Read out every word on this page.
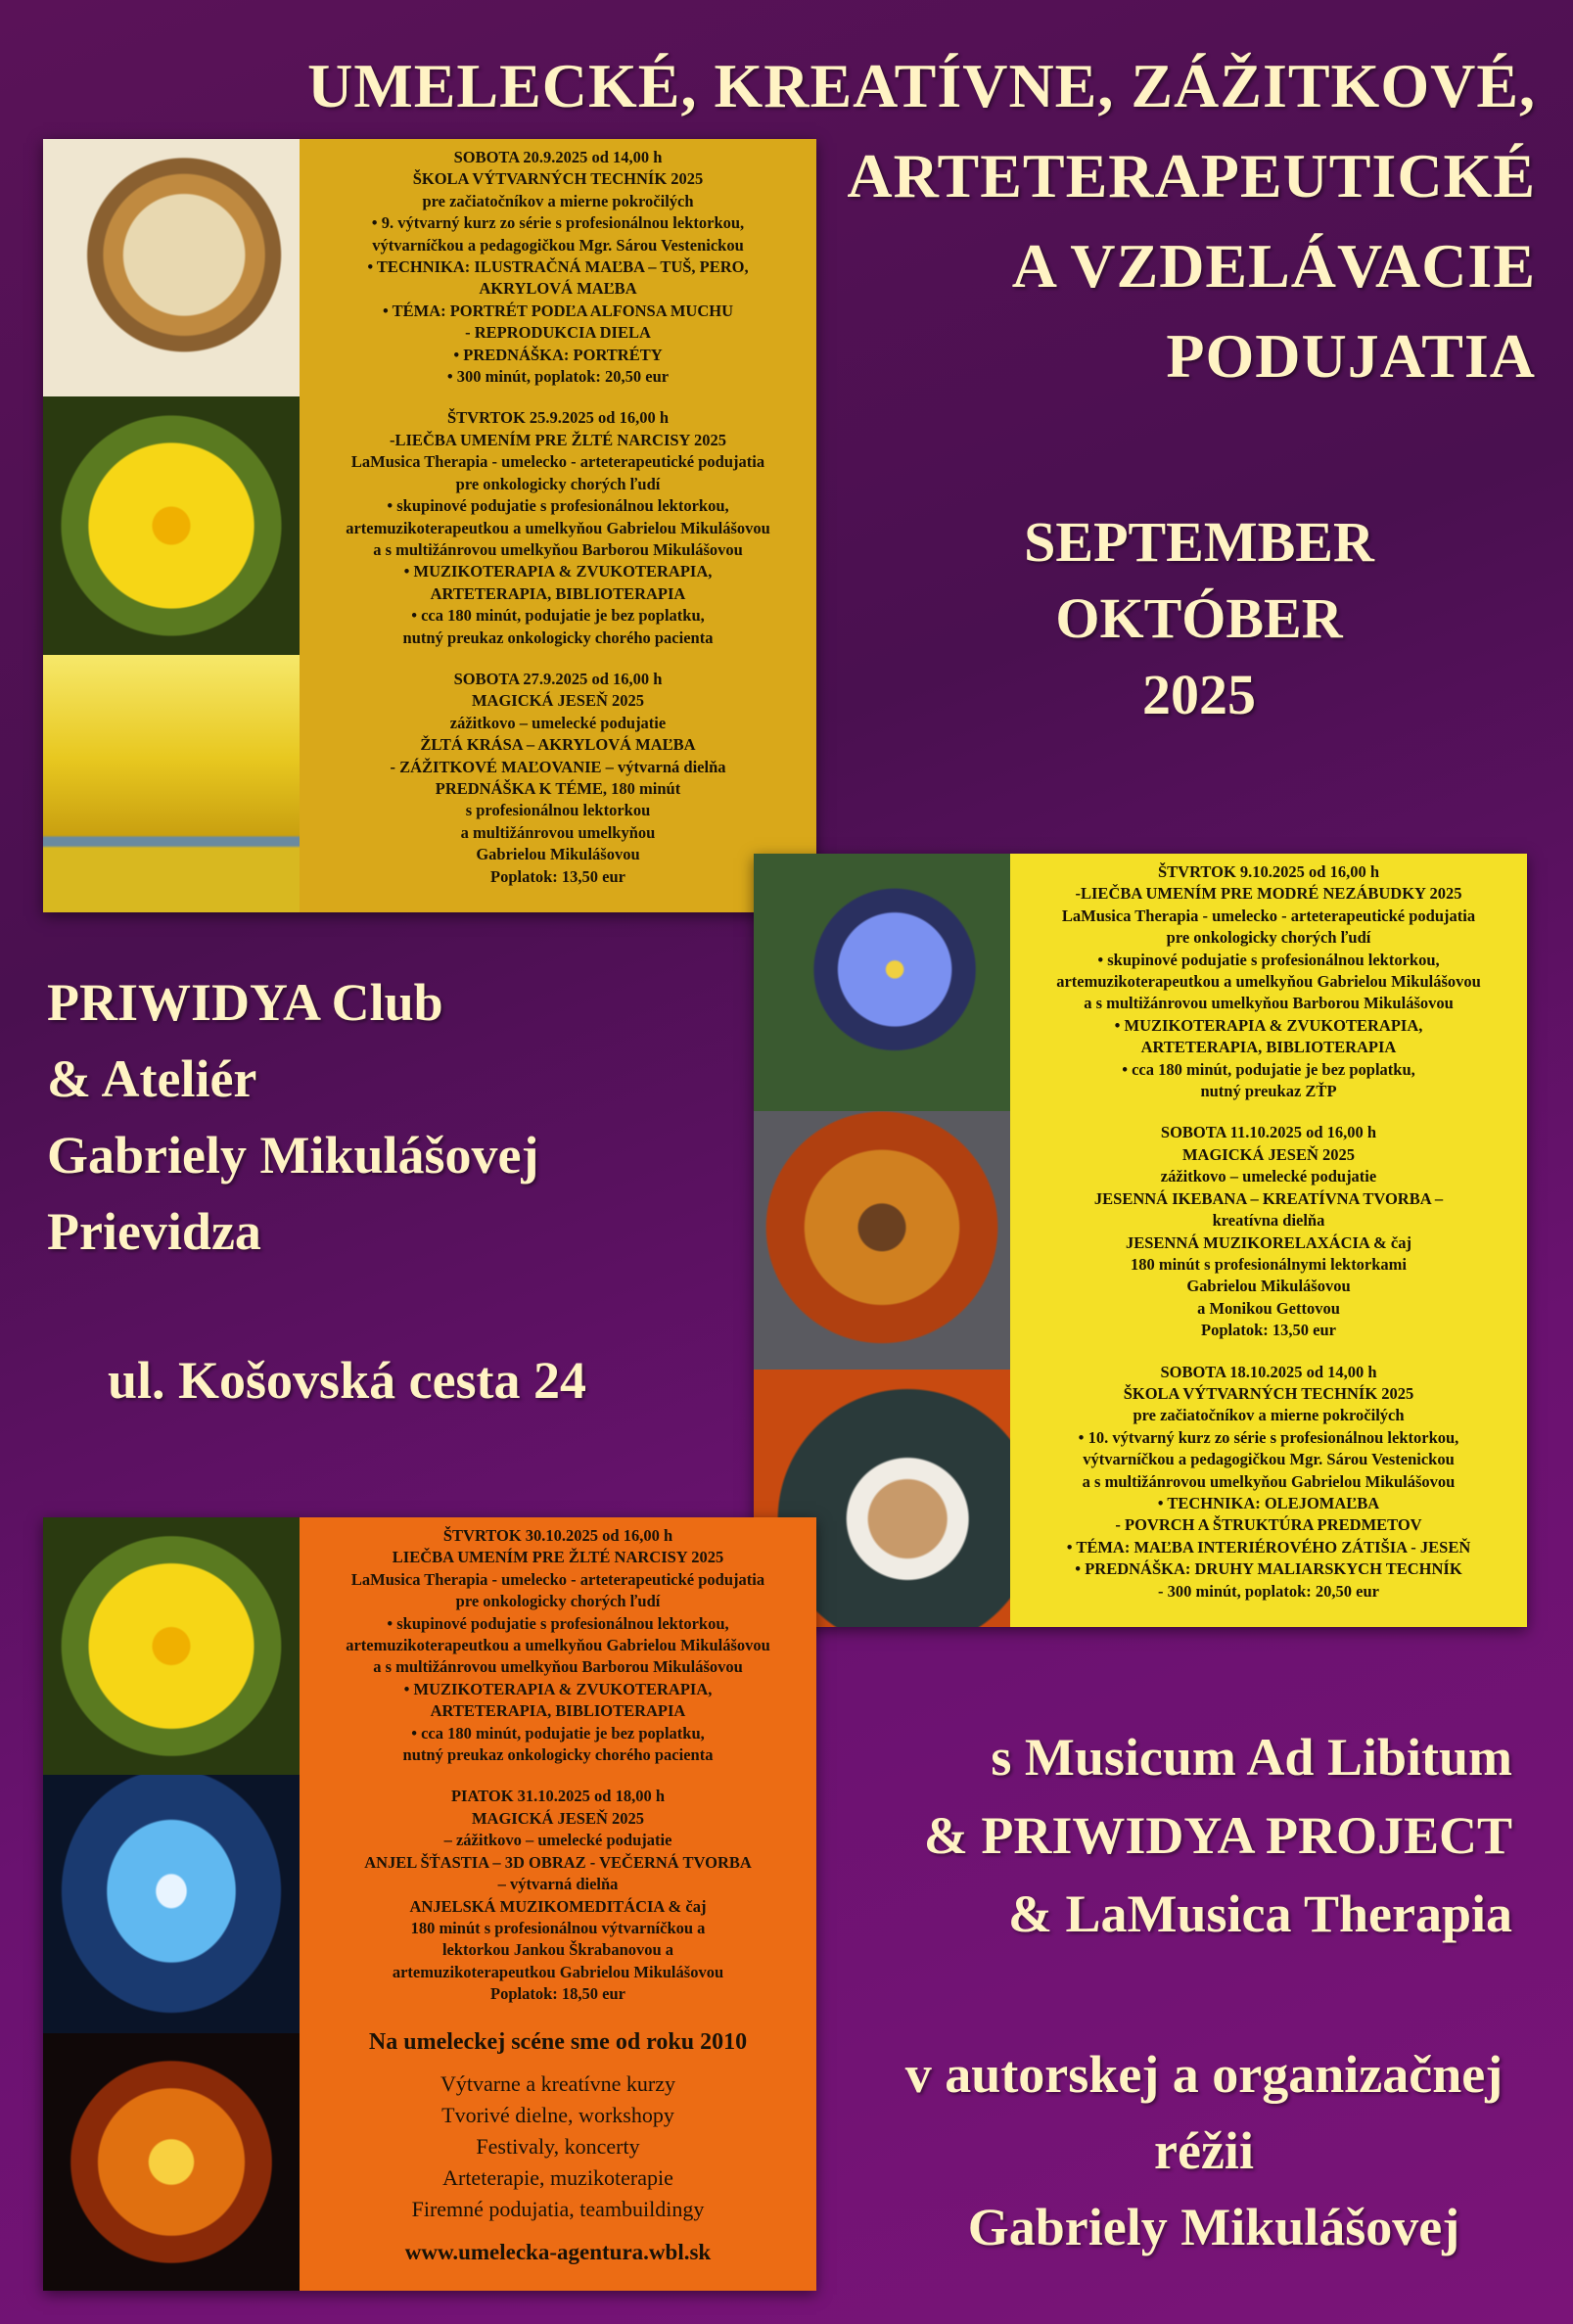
UMELECKÉ, KREATÍVNE, ZÁŽITKOVÉ,
ARTETERAPEUTICKÉ
A VZDELÁVACIE
PODUJATIA
SEPTEMBER
OKTÓBER
2025
PRIWIDYA Club
& Ateliér
Gabriely Mikulášovej
Prievidza
ul. Košovská cesta 24
s Musicum Ad Libitum
& PRIWIDYA PROJECT
& LaMusica Therapia
v autorskej a organizačnej
réžii
Gabriely Mikulášovej
SOBOTA 20.9.2025 od 14,00 h
ŠKOLA VÝTVARNÝCH TECHNÍK 2025
pre začiatočníkov a mierne pokročilých
• 9. výtvarný kurz zo série s profesionálnou lektorkou,
výtvarníčkou a pedagogičkou Mgr. Sárou Vestenickou
• TECHNIKA: ILUSTRAČNÁ MAĽBA – TUŠ, PERO,
AKRYLOVÁ MAĽBA
• TÉMA: PORTRÉT PODĽA ALFONSA MUCHU
- REPRODUKCIA DIELA
• PREDNÁŠKA: PORTRÉTY
• 300 minút, poplatok: 20,50 eur
ŠTVRTOK 25.9.2025 od 16,00 h
-LIEČBA UMENÍM PRE ŽLTÉ NARCISY 2025
LaMusica Therapia - umelecko - arteterapeutické podujatia
pre onkologicky chorých ľudí
• skupinové podujatie s profesionálnou lektorkou,
artemuzikoterapeutkou a umelkyňou Gabrielou Mikulášovou
a s multižánrovou umelkyňou Barborou Mikulášovou
• MUZIKOTERAPIA & ZVUKOTERAPIA,
ARTETERAPIA, BIBLIOTERAPIA
• cca 180 minút, podujatie je bez poplatku,
nutný preukaz onkologicky chorého pacienta
SOBOTA 27.9.2025 od 16,00 h
MAGICKÁ JESEŇ 2025
zážitkovo – umelecké podujatie
ŽLTÁ KRÁSA – AKRYLOVÁ MAĽBA
- ZÁŽITKOVÉ MAĽOVANIE – výtvarná dielňa
PREDNÁŠKA K TÉME, 180 minút
s profesionálnou lektorkou
a multižánrovou umelkyňou
Gabrielou Mikulášovou
Poplatok: 13,50 eur	ŠTVRTOK 9.10.2025 od 16,00 h
-LIEČBA UMENÍM PRE MODRÉ NEZÁBUDKY 2025
LaMusica Therapia - umelecko - arteterapeutické podujatia
pre onkologicky chorých ľudí
• skupinové podujatie s profesionálnou lektorkou,
artemuzikoterapeutkou a umelkyňou Gabrielou Mikulášovou
a s multižánrovou umelkyňou Barborou Mikulášovou
• MUZIKOTERAPIA & ZVUKOTERAPIA,
ARTETERAPIA, BIBLIOTERAPIA
• cca 180 minút, podujatie je bez poplatku,
nutný preukaz ZŤP
SOBOTA 11.10.2025 od 16,00 h
MAGICKÁ JESEŇ 2025
zážitkovo – umelecké podujatie
JESENNÁ IKEBANA – KREATÍVNA TVORBA –
kreatívna dielňa
JESENNÁ MUZIKORELAXÁCIA & čaj
180 minút s profesionálnymi lektorkami
Gabrielou Mikulášovou
a Monikou Gettovou
Poplatok: 13,50 eur
SOBOTA 18.10.2025 od 14,00 h
ŠKOLA VÝTVARNÝCH TECHNÍK 2025
pre začiatočníkov a mierne pokročilých
• 10. výtvarný kurz zo série s profesionálnou lektorkou,
výtvarníčkou a pedagogičkou Mgr. Sárou Vestenickou
a s multižánrovou umelkyňou Gabrielou Mikulášovou
• TECHNIKA: OLEJOMAĽBA
- POVRCH A ŠTRUKTÚRA PREDMETOV
• TÉMA: MAĽBA INTERIÉROVÉHO ZÁTIŠIA - JESEŇ
• PREDNÁŠKA: DRUHY MALIARSKYCH TECHNÍK
- 300 minút, poplatok: 20,50 eur
ŠTVRTOK 30.10.2025 od 16,00 h
LIEČBA UMENÍM PRE ŽLTÉ NARCISY 2025
LaMusica Therapia - umelecko - arteterapeutické podujatia
pre onkologicky chorých ľudí
• skupinové podujatie s profesionálnou lektorkou,
artemuzikoterapeutkou a umelkyňou Gabrielou Mikulášovou
a s multižánrovou umelkyňou Barborou Mikulášovou
• MUZIKOTERAPIA & ZVUKOTERAPIA,
ARTETERAPIA, BIBLIOTERAPIA
• cca 180 minút, podujatie je bez poplatku,
nutný preukaz onkologicky chorého pacienta
PIATOK 31.10.2025 od 18,00 h
MAGICKÁ JESEŇ 2025
– zážitkovo – umelecké podujatie
ANJEL ŠŤASTIA – 3D OBRAZ - VEČERNÁ TVORBA
– výtvarná dielňa
ANJELSKÁ MUZIKOMEDITÁCIA & čaj
180 minút s profesionálnou výtvarníčkou a
lektorkou Jankou Škrabanovou a
artemuzikoterapeutkou Gabrielou Mikulášovou
Poplatok: 18,50 eur
Na umeleckej scéne sme od roku 2010
Výtvarne a kreatívne kurzy
Tvorivé dielne, workshopy
Festivaly, koncerty
Arteterapie, muzikoterapie
Firemné podujatia, teambuildingy
www.umelecka-agentura.wbl.sk
